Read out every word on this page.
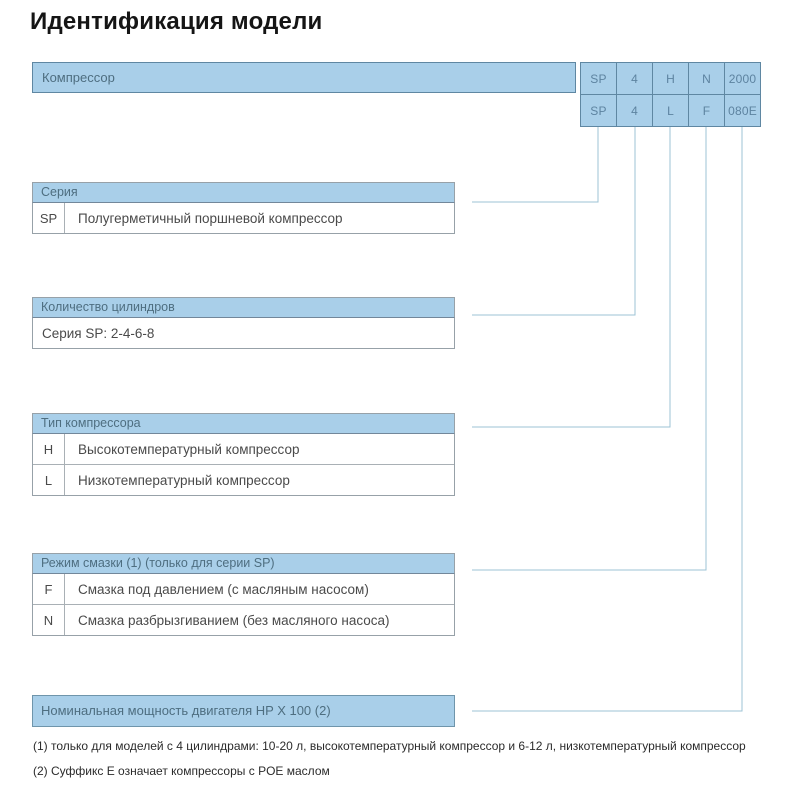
Идентификация модели
Компрессор	SP	4	H	N	2000
SP	4	L	F	080E
Серия
SP	Полугерметичный поршневой компрессор
Количество цилиндров
Серия SP: 2-4-6-8
Тип компрессора
H	Высокотемпературный компрессор
L	Низкотемпературный компрессор
Режим смазки (1) (только для серии SP)
F	Смазка под давлением (с масляным насосом)
N	Смазка разбрызгиванием (без масляного насоса)
Номинальная мощность двигателя HP X 100 (2)
(1) только для моделей с 4 цилиндрами: 10-20 л, высокотемпературный компрессор и 6-12 л, низкотемпературный компрессор
(2) Суффикс Е означает компрессоры с POE маслом
